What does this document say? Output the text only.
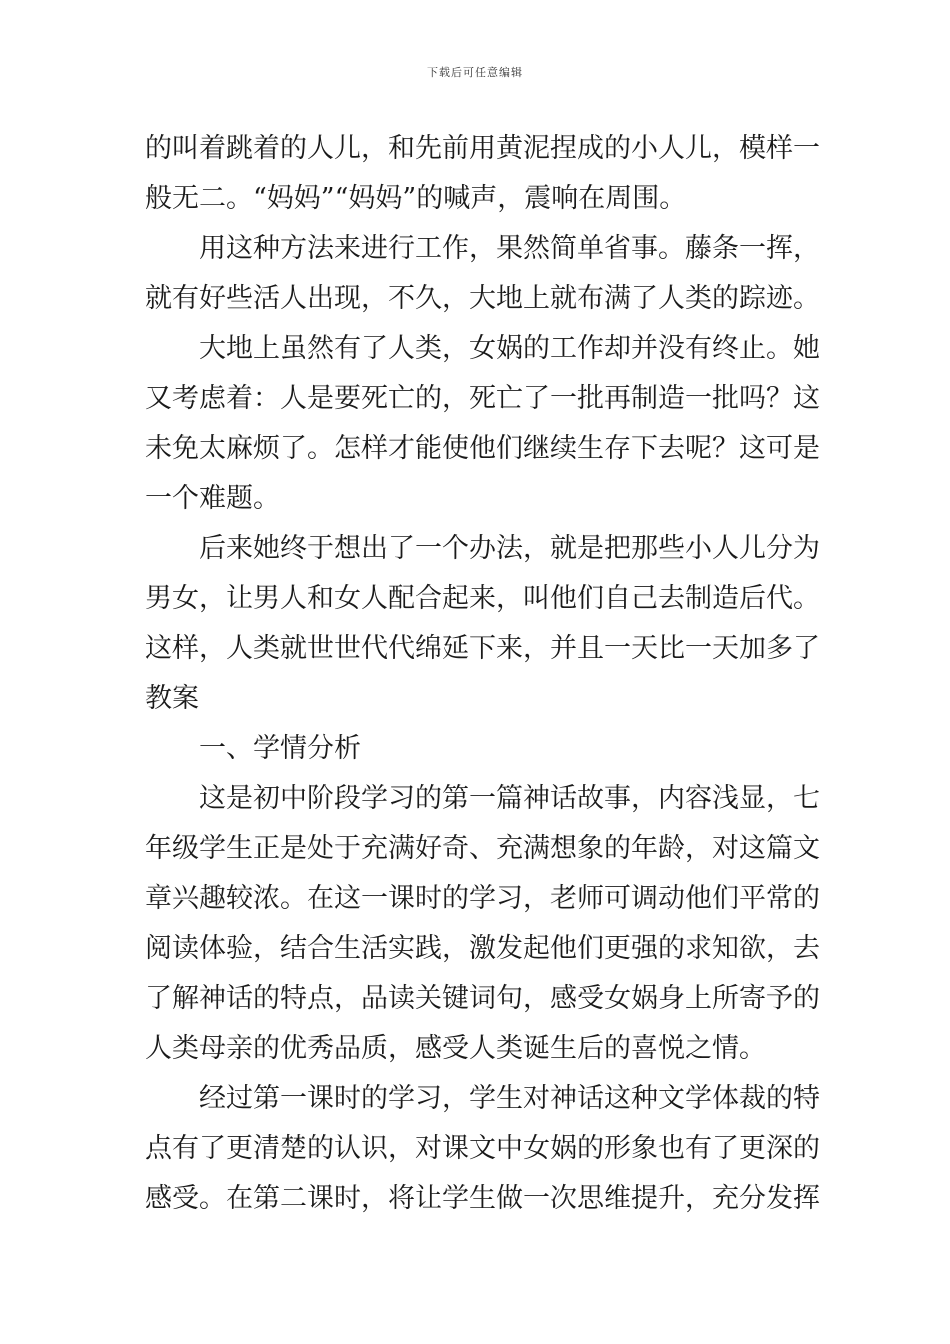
下载后可任意编辑
的叫着跳着的人儿，和先前用黄泥捏成的小人儿，模样一
般无二。“妈妈”“妈妈”的喊声，震响在周围。
用这种方法来进行工作，果然简单省事。藤条一挥，
就有好些活人出现，不久，大地上就布满了人类的踪迹。
大地上虽然有了人类，女娲的工作却并没有终止。她
又考虑着：人是要死亡的，死亡了一批再制造一批吗？这
未免太麻烦了。怎样才能使他们继续生存下去呢？这可是
一个难题。
后来她终于想出了一个办法，就是把那些小人儿分为
男女，让男人和女人配合起来，叫他们自己去制造后代。
这样，人类就世世代代绵延下来，并且一天比一天加多了
教案
一、学情分析
这是初中阶段学习的第一篇神话故事，内容浅显，七
年级学生正是处于充满好奇、充满想象的年龄，对这篇文
章兴趣较浓。在这一课时的学习，老师可调动他们平常的
阅读体验，结合生活实践，激发起他们更强的求知欲，去
了解神话的特点，品读关键词句，感受女娲身上所寄予的
人类母亲的优秀品质，感受人类诞生后的喜悦之情。
经过第一课时的学习，学生对神话这种文学体裁的特
点有了更清楚的认识，对课文中女娲的形象也有了更深的
感受。在第二课时，将让学生做一次思维提升，充分发挥
